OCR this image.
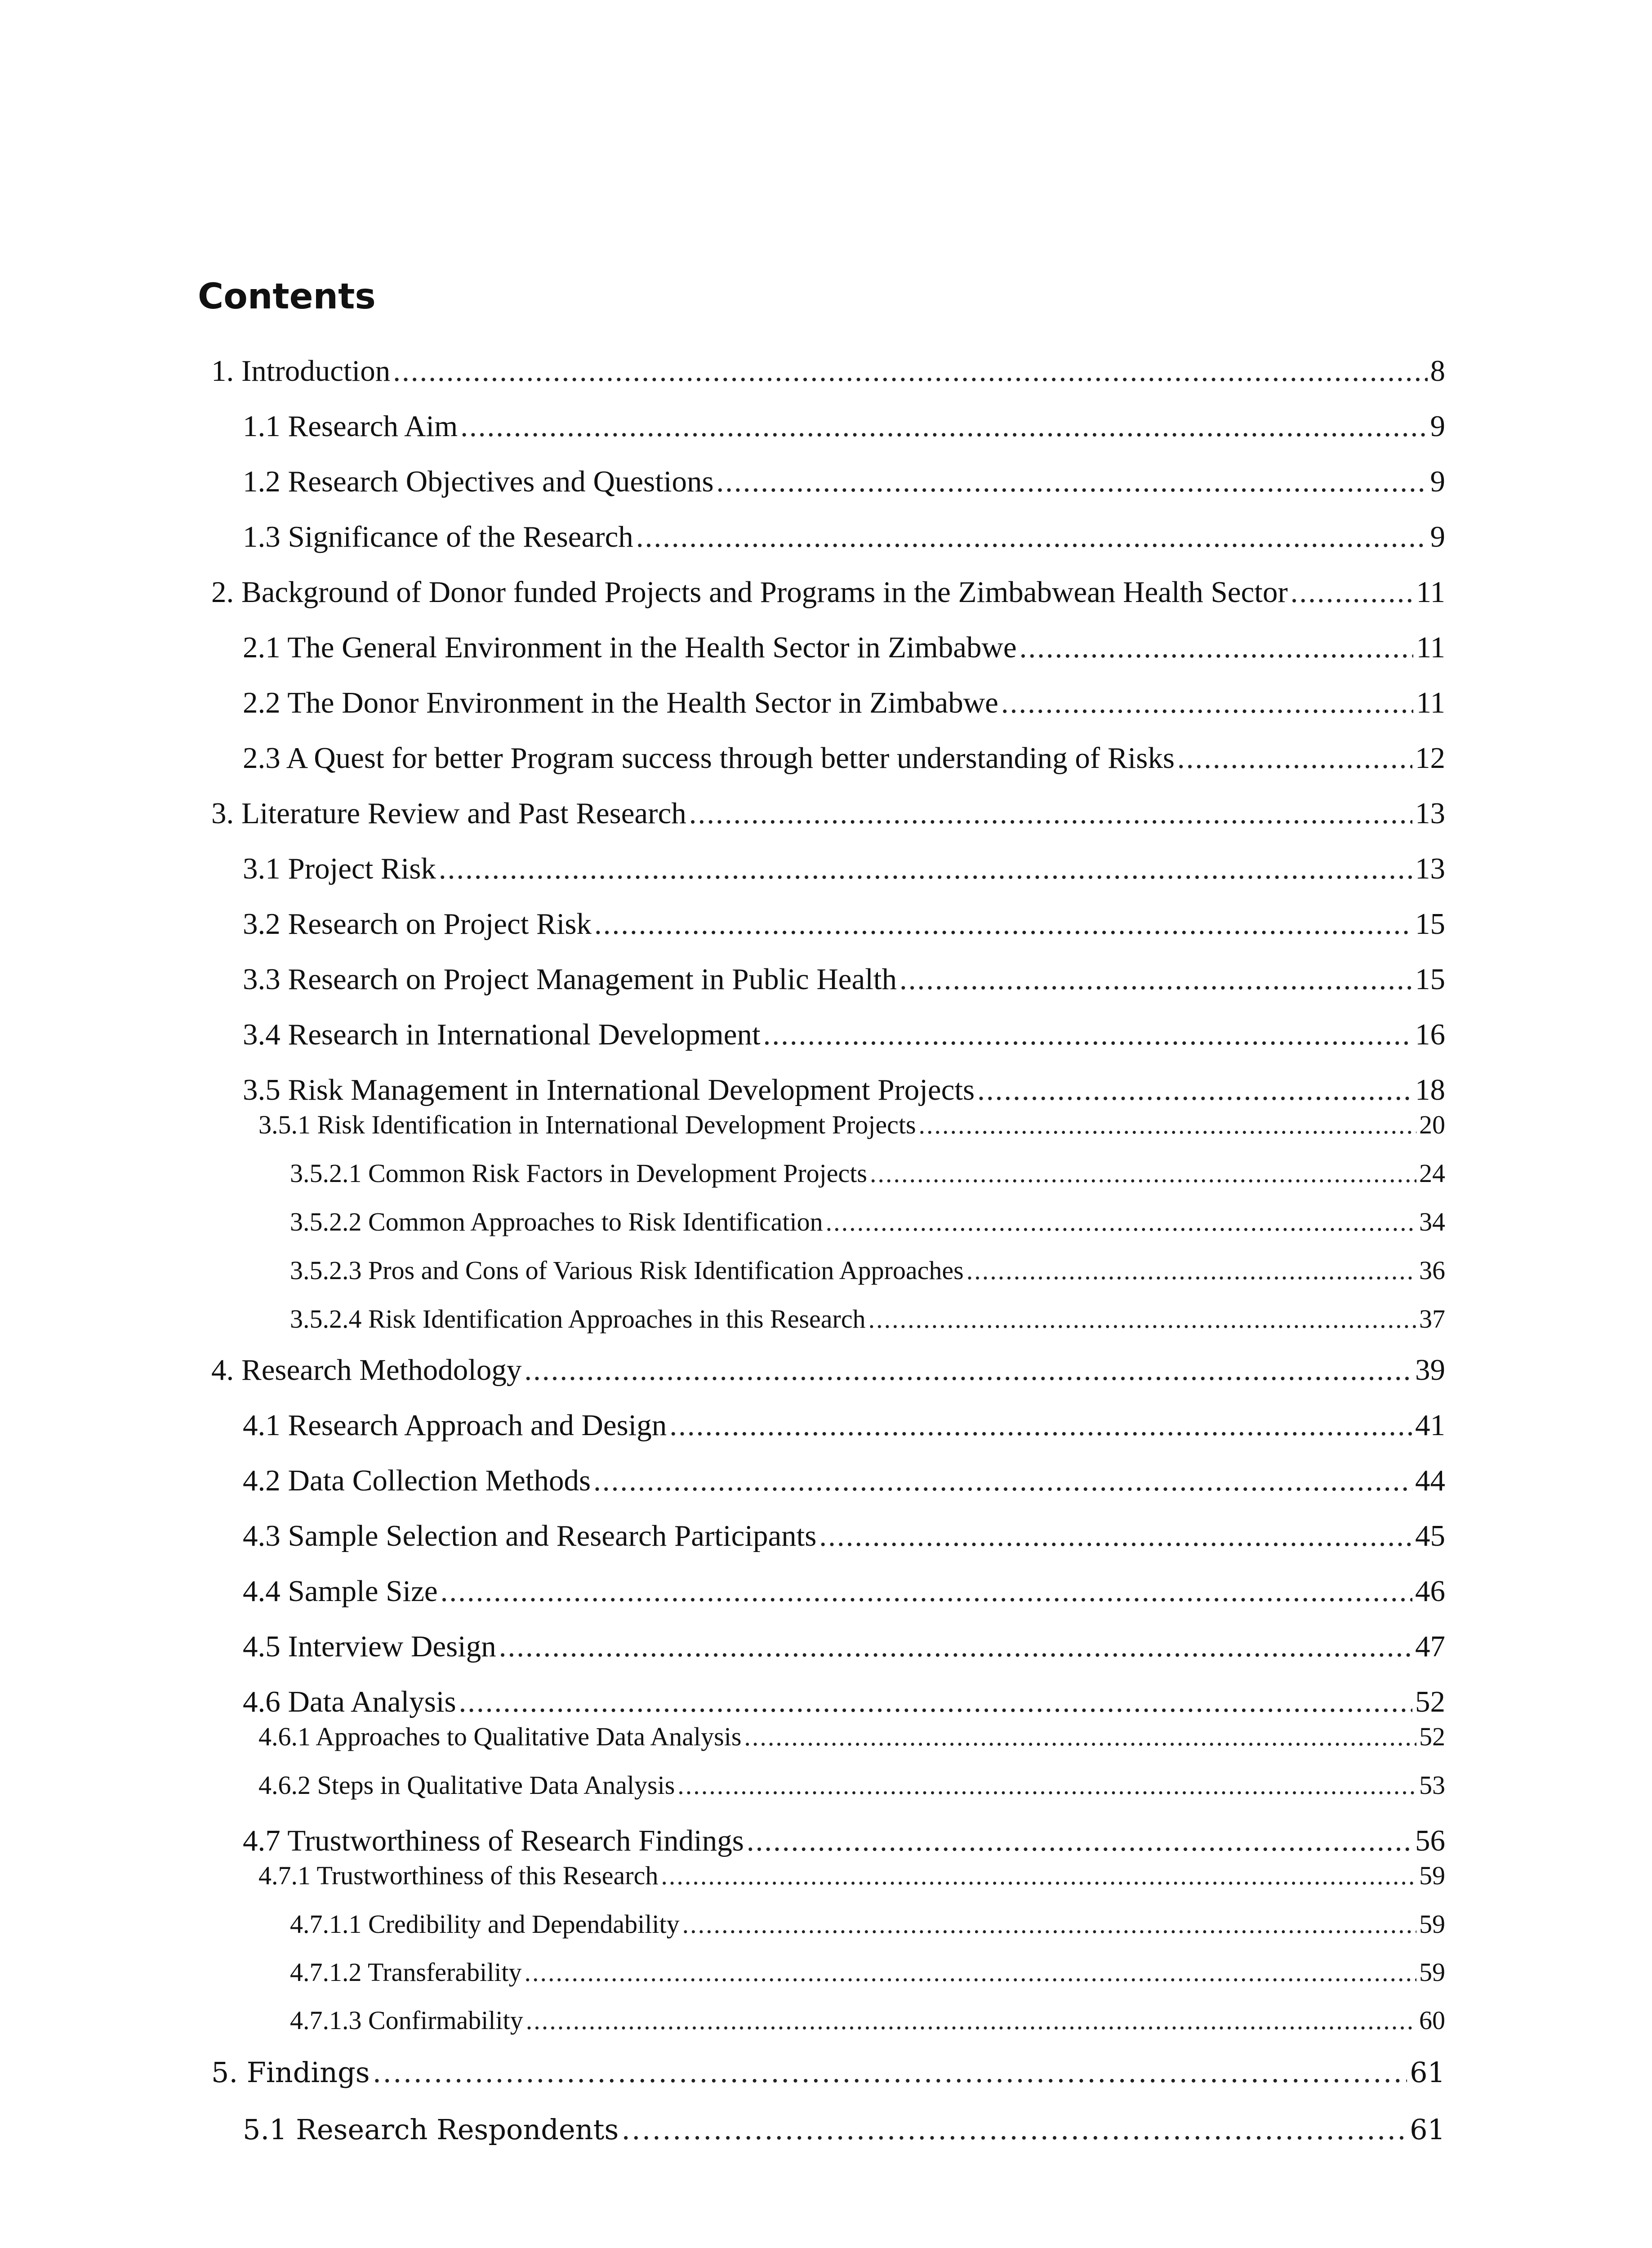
Contents
1. Introduction .....	8
1.1 Research Aim .....	9
1.2 Research Objectives and Questions .....	9
1.3 Significance of the Research .....	9
2. Background of Donor funded Projects and Programs in the Zimbabwean Health Sector .....	11
2.1 The General Environment in the Health Sector in Zimbabwe .....	11
2.2 The Donor Environment in the Health Sector in Zimbabwe .....	11
2.3 A Quest for better Program success through better understanding of Risks .....	12
3. Literature Review and Past Research .....	13
3.1 Project Risk .....	13
3.2 Research on Project Risk .....	15
3.3 Research on Project Management in Public Health .....	15
3.4 Research in International Development .....	16
3.5 Risk Management in International Development Projects .....	18
3.5.1 Risk Identification in International Development Projects .....	20
3.5.2.1 Common Risk Factors in Development Projects .....	24
3.5.2.2 Common Approaches to Risk Identification .....	34
3.5.2.3 Pros and Cons of Various Risk Identification Approaches .....	36
3.5.2.4 Risk Identification Approaches in this Research .....	37
4. Research Methodology .....	39
4.1 Research Approach and Design .....	41
4.2 Data Collection Methods .....	44
4.3 Sample Selection and Research Participants .....	45
4.4 Sample Size .....	46
4.5 Interview Design .....	47
4.6 Data Analysis .....	52
4.6.1 Approaches to Qualitative Data Analysis .....	52
4.6.2 Steps in Qualitative Data Analysis .....	53
4.7 Trustworthiness of Research Findings .....	56
4.7.1 Trustworthiness of this Research .....	59
4.7.1.1 Credibility and Dependability .....	59
4.7.1.2 Transferability .....	59
4.7.1.3 Confirmability .....	60
5. Findings .....	61
5.1 Research Respondents .....	61
